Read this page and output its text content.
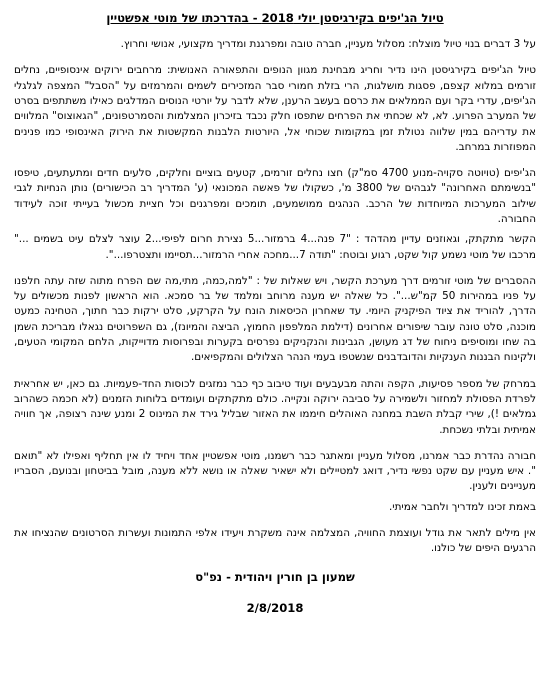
טיול הג'יפים בקירגיסטן יולי 2018 - בהדרכתו של מוטי אפשטיין

על 3 דברים בנוי טיול מוצלח: מסלול מעניין, חברה טובה ומפרגנת ומדריך מקצועי, אנושי וחרוץ.

טיול הג'יפים בקירגיסטן הינו נדיר וחריג מבחינת מגוון הנופים והתפאורה האנושית: מרחבים ירוקים אינסופיים, נחלים זורמים במלוא קצפם, פסגות מושלגות, הרי בזלת חמורי סבר המזכירים לשמים והמרמזים על "הסבל" המצפה לגלגלי הג'יפים, עדרי בקר ועם הממלאים את כרסם בעשב הרענן, שלא לדבר על יורטי הנוסים המדלגים כאילו משתתפים בסרט של המערב הפרוע. לא, לא שכחתי את הפרחים שתפסו חלק נכבד בזיכרון המצלמות והסמרטפונים, "הגאוצוס" המלווים את עדריהם במין שלווה נטולת זמן במקומות שכוחי אל, היורטות הלבנות המקשטות את הירוק האינסופי כמו פנינים המפוזרות במרחב.

הג'יפים (טויוטה סקויה-מנוע 4700 סמ"ק) חצו נחלים זורמים, קטעים בוציים וחלקים, סלעים חדים ומתעתעים, טיפסו "בנשימתם האחרונה" לגבהים של 3800 מ', כשקולו של פאשה המכונאי (ע' המדריך רב הכישורים) נותן הנחיות לגבי שילוב המערכות המיוחדות של הרכב. הנהגים ממושמעים, תומכים ומפרגנים וכל חציית מכשול בעייתי זוכה לעידוד החבורה.

הקשר מתקתק, וגאוזנים עדיין מהדהד : "7 פנה...4 ברמזור...5 נצירת חרום לפיפי...2 עוצר לצלם עיט בשמים ..." מרכבו של מוטי נשמע קול שקט, רגוע ובוטח: "תודה 7...מחכה אחרי הרמזור...תסיימו ותצטרפו...".

ההסברים של מוטי זורמים דרך מערכת הקשר, ויש שאלות של : "למה,כמה, מתי,מה שם הפרח מתוה שזה עתה חלפנו על פניו במהירות 50 קמ"ש...". כל שאלה יש מענה מרוחב ומלמד של בר סמכא. הוא הראשון לפנות מכשולים על הדרך, להוריד את ציוד הפיקניק היומי. עד שאחרון הכיסאות הונח על הקרקע, סלט ירקות כבר חתוך, הטחינה כמעט מוכנה, סלט טונה עובר שיפורים אחרונים (דילמת המלפפון החמוץ, הביצה והמיונז), גם השפרוטים נגאלו מבריכת השמן בה שחו ומוסיפים ניחוח של דג מעושן, הגבינות והנקניקים נפרסים בקערות ובפרוסות מדוייקות, הלחם המקומי הטעים, ולקינוח הבננות הענקיות והדובדבנים שנשטפו בעמי הנהר הצלולים והמקפיאים.

במרחק של מספר פסיעות, הקפה והתה מבעבעים ועוד טיבוב כף כבר נמזגים לכוסות החד-פעמיות. גם כאן, יש אחראית לפרדת הפסולת למחזור ולשמירה על סביבה ירוקה ונקייה. כולם מתקתקים ועומדים בלוחות הזמנים (לא חכמה כשהרוב גמלאים !), שירי קבלת השבת במחנה האוהלים חיממו את האזור שבליל גירד את המינוס 2 ומנע שינה רצופה, אך חוויה אמיתית ובלתי נשכחת.

חבורה נהדרת כבר אמרנו, מסלול מעניין ומאתגר כבר רשמנו, מוטי אפשטיין אחד ויחיד לו אין תחליף ואפילו לא "תואם ". איש מעניין עם שקט נפשי נדיר, דואג למטיילים ולא ישאיר שאלה או נושא ללא מענה, מובל בביטחון ובנועם, הסבריו מעניינים ולענין.

באמת זכינו למדריך ולחבר אמיתי.

אין מילים לתאר את גודל ועוצמת החוויה, המצלמה אינה משקרת ויעידו אלפי התמונות ועשרות הסרטונים שהנציחו את הרגעים היפים של כולנו.

שמעון בן חורין ויהודית - נפ"ס
2/8/2018
